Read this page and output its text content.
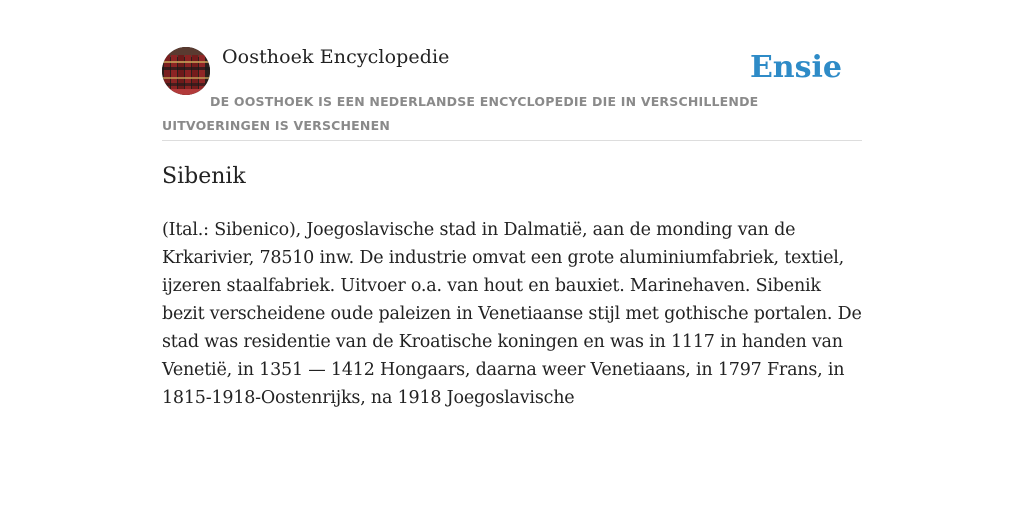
Oosthoek Encyclopedie	Ensie
DE OOSTHOEK IS EEN NEDERLANDSE ENCYCLOPEDIE DIE IN VERSCHILLENDE UITVOERINGEN IS VERSCHENEN
Sibenik

(Ital.: Sibenico), Joegoslavische stad in Dalmatië, aan de monding van de Krkarivier, 78510 inw. De industrie omvat een grote aluminiumfabriek, textiel, ijzeren staalfabriek. Uitvoer o.a. van hout en bauxiet. Marinehaven. Sibenik bezit verscheidene oude paleizen in Venetiaanse stijl met gothische portalen. De stad was residentie van de Kroatische koningen en was in 1117 in handen van Venetië, in 1351 — 1412 Hongaars, daarna weer Venetiaans, in 1797 Frans, in 1815-1918-Oostenrijks, na 1918 Joegoslavische
